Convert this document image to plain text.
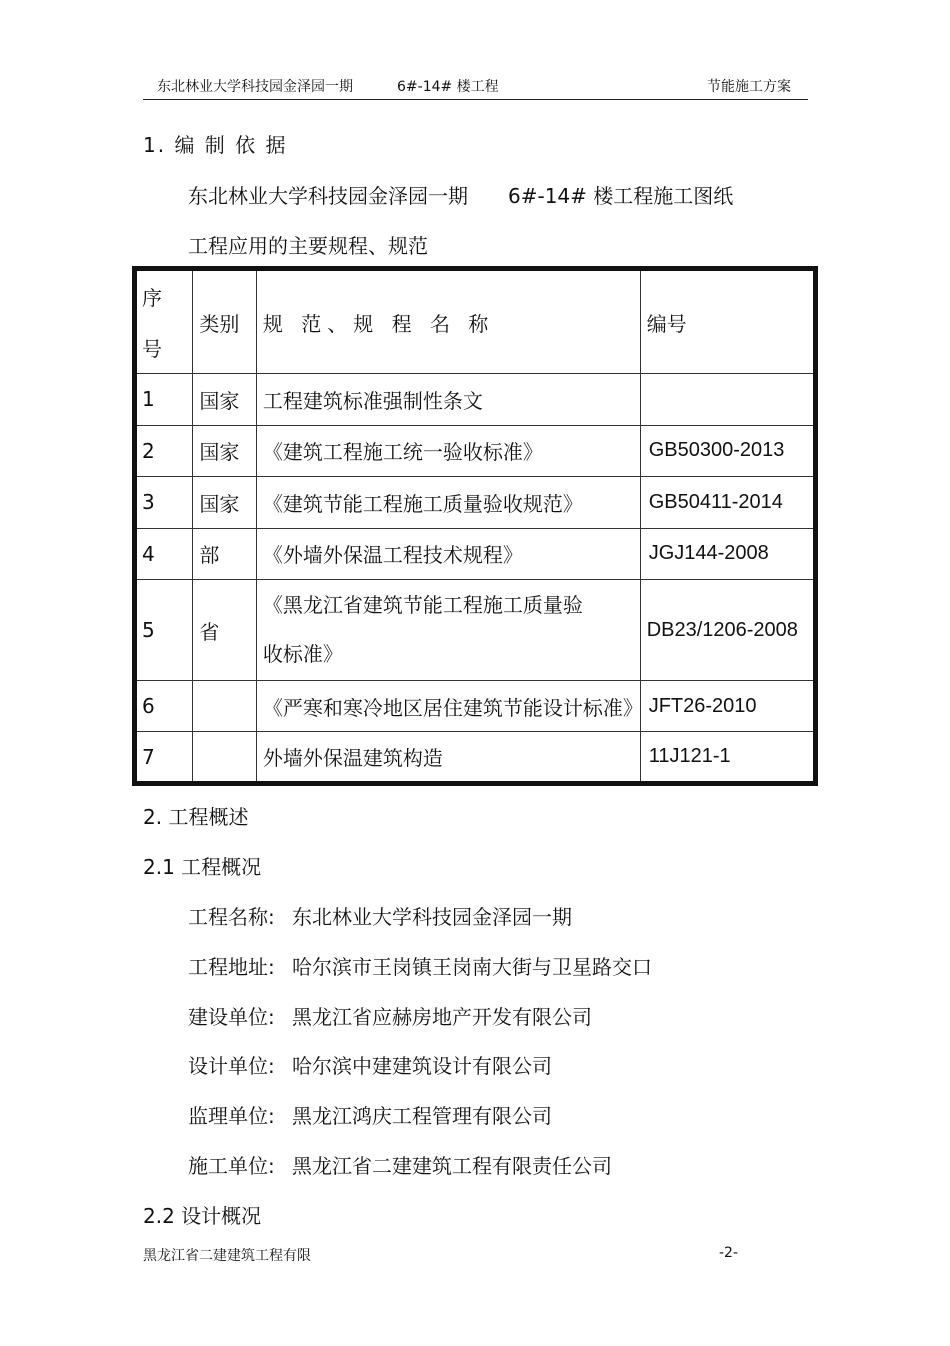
东北林业大学科技园金泽园一期	6#-14# 楼工程	节能施工方案
1. 编 制 依 据
东北林业大学科技园金泽园一期 6#-14# 楼工程施工图纸
工程应用的主要规程、规范
序
号	类别	规 范、规 程 名 称	编号
1	国家	工程建筑标准强制性条文	
2	国家	《建筑工程施工统一验收标准》	GB50300-2013
3	国家	《建筑节能工程施工质量验收规范》	GB50411-2014
4	部	《外墙外保温工程技术规程》	JGJ144-2008
5	省	《黑龙江省建筑节能工程施工质量验
收标准》	DB23/1206-2008
6		《严寒和寒冷地区居住建筑节能设计标准》	JFT26-2010
7		外墙外保温建筑构造	11J121-1
2. 工程概述
2.1 工程概况
工程名称: 东北林业大学科技园金泽园一期
工程地址: 哈尔滨市王岗镇王岗南大街与卫星路交口
建设单位: 黑龙江省应赫房地产开发有限公司
设计单位: 哈尔滨中建建筑设计有限公司
监理单位: 黑龙江鸿庆工程管理有限公司
施工单位: 黑龙江省二建建筑工程有限责任公司
2.2 设计概况
黑龙江省二建建筑工程有限	-2-
